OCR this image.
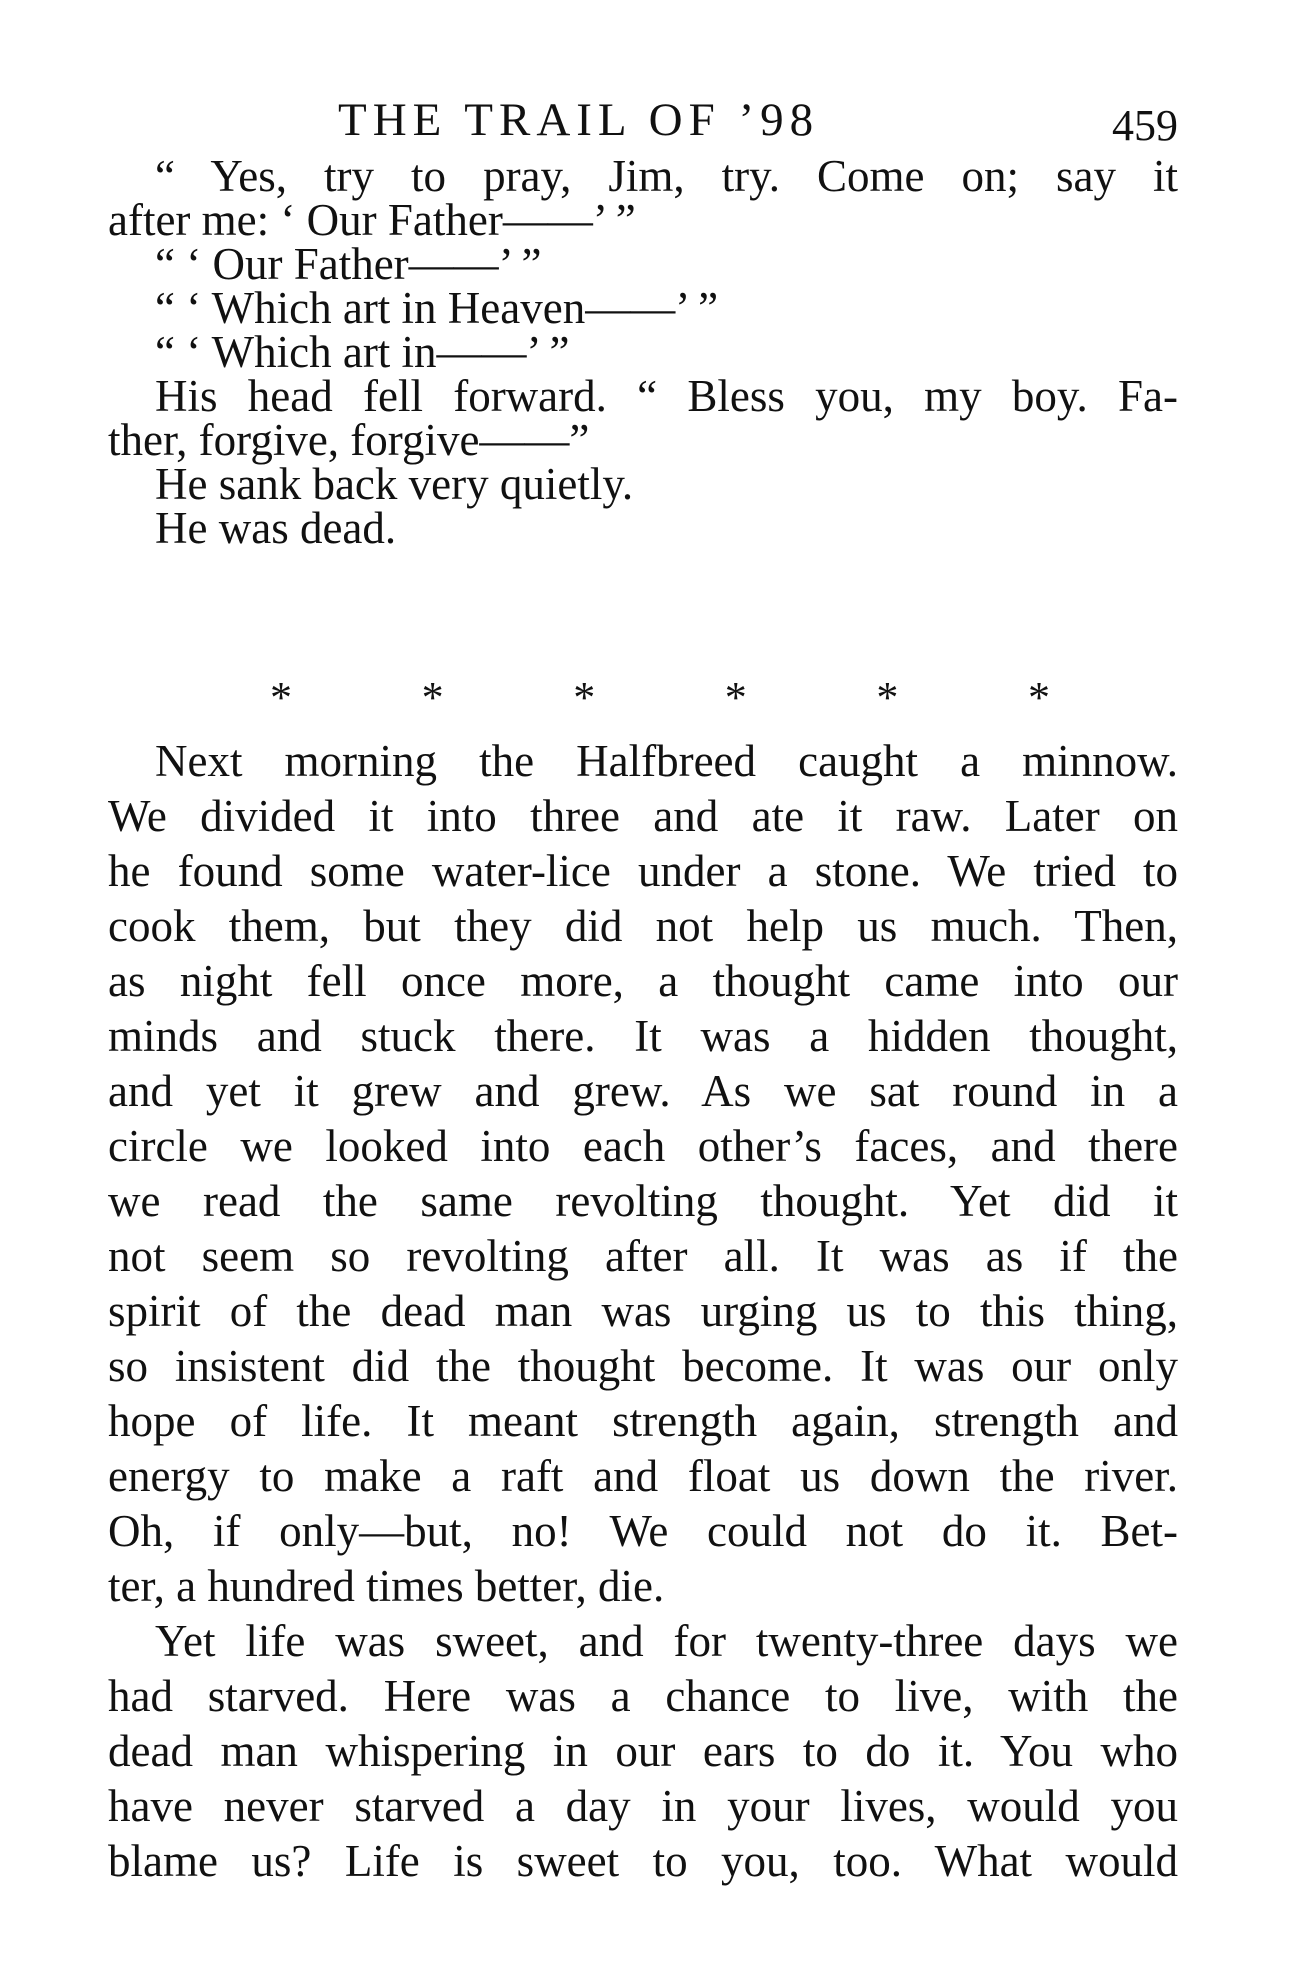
THE TRAIL OF ’98	459
“ Yes, try to pray, Jim, try. Come on; say it
after me: ‘ Our Father——’ ”
“ ‘ Our Father——’ ”
“ ‘ Which art in Heaven——’ ”
“ ‘ Which art in——’ ”
His head fell forward. “ Bless you, my boy. Fa-
ther, forgive, forgive——”
He sank back very quietly.
He was dead.
*	*	*	*	*	*
Next morning the Halfbreed caught a minnow.
We divided it into three and ate it raw. Later on
he found some water-lice under a stone. We tried to
cook them, but they did not help us much. Then,
as night fell once more, a thought came into our
minds and stuck there. It was a hidden thought,
and yet it grew and grew. As we sat round in a
circle we looked into each other’s faces, and there
we read the same revolting thought. Yet did it
not seem so revolting after all. It was as if the
spirit of the dead man was urging us to this thing,
so insistent did the thought become. It was our only
hope of life. It meant strength again, strength and
energy to make a raft and float us down the river.
Oh, if only—but, no! We could not do it. Bet-
ter, a hundred times better, die.
Yet life was sweet, and for twenty-three days we
had starved. Here was a chance to live, with the
dead man whispering in our ears to do it. You who
have never starved a day in your lives, would you
blame us? Life is sweet to you, too. What would
